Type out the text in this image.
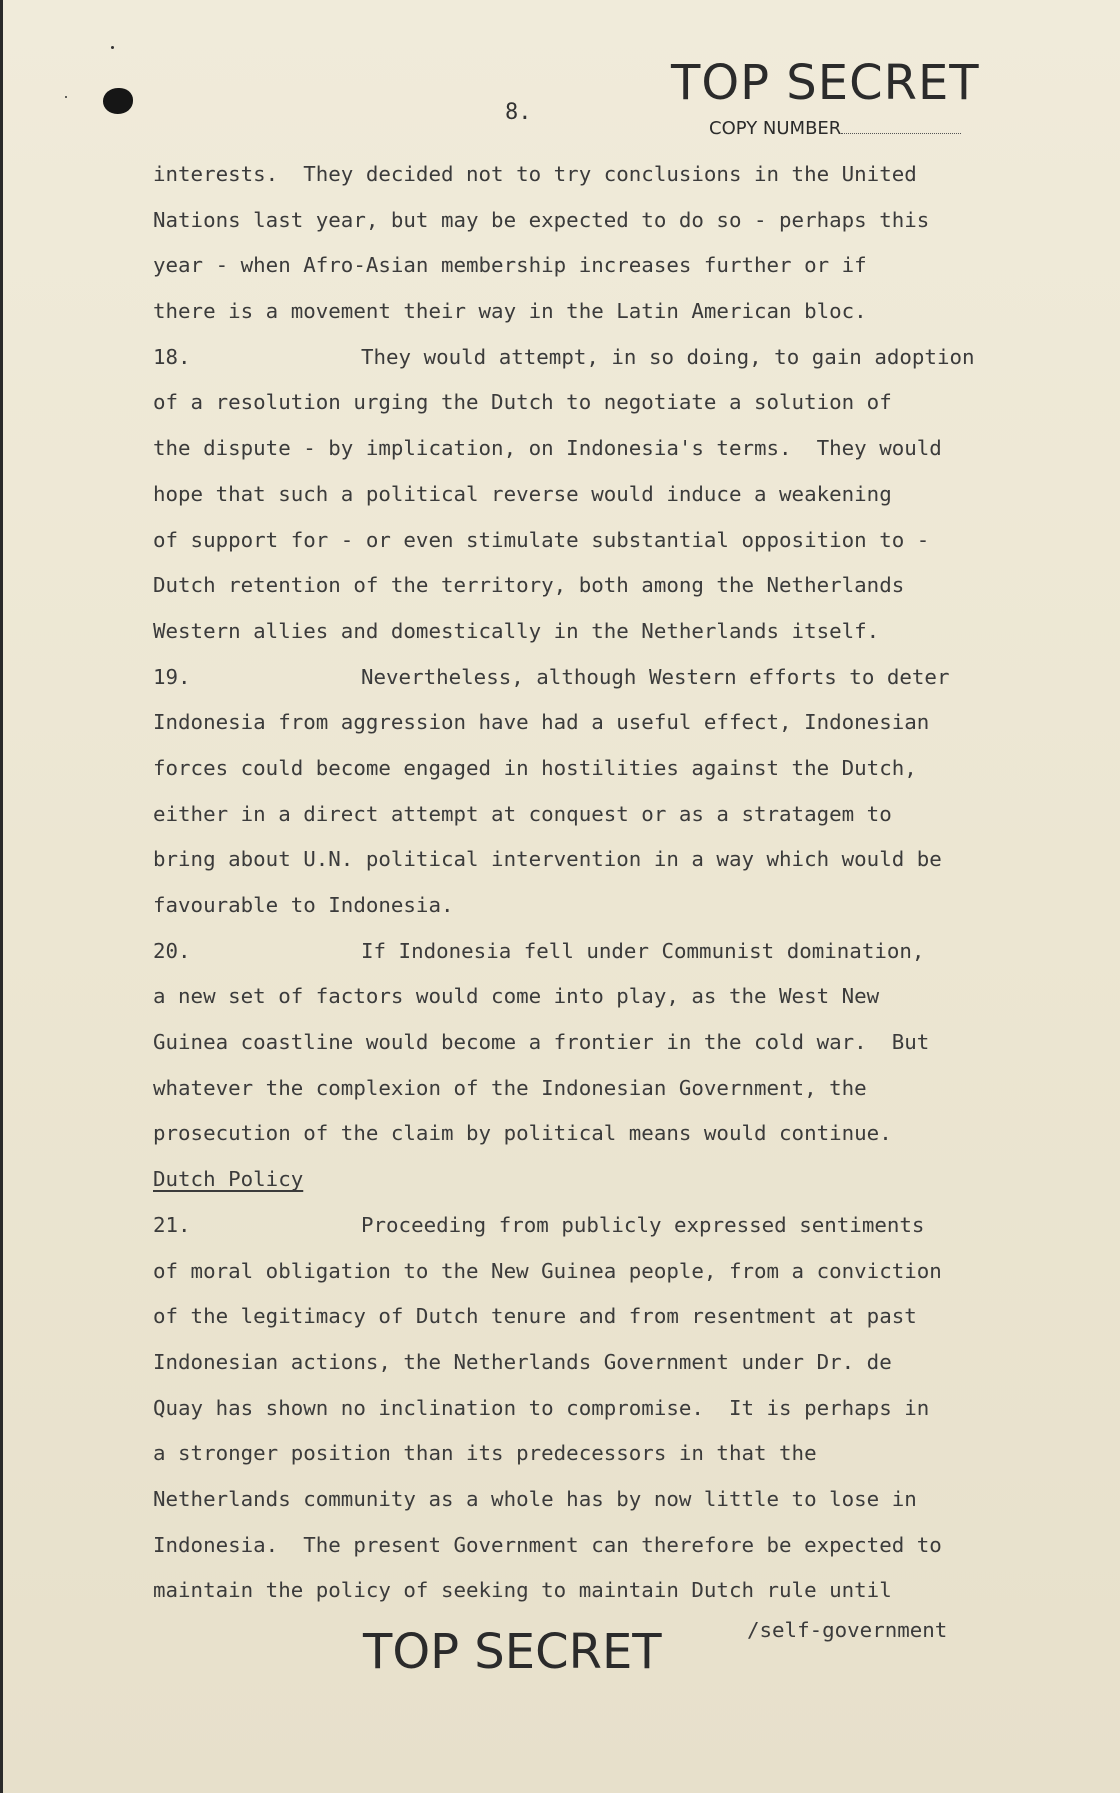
TOP SECRET
8.
COPY NUMBER
interests.  They decided not to try conclusions in the United
Nations last year, but may be expected to do so - perhaps this
year - when Afro-Asian membership increases further or if
there is a movement their way in the Latin American bloc.
18.	They would attempt, in so doing, to gain adoption
of a resolution urging the Dutch to negotiate a solution of
the dispute - by implication, on Indonesia's terms.  They would
hope that such a political reverse would induce a weakening
of support for - or even stimulate substantial opposition to -
Dutch retention of the territory, both among the Netherlands
Western allies and domestically in the Netherlands itself.
19.	Nevertheless, although Western efforts to deter
Indonesia from aggression have had a useful effect, Indonesian
forces could become engaged in hostilities against the Dutch,
either in a direct attempt at conquest or as a stratagem to
bring about U.N. political intervention in a way which would be
favourable to Indonesia.
20.	If Indonesia fell under Communist domination,
a new set of factors would come into play, as the West New
Guinea coastline would become a frontier in the cold war.  But
whatever the complexion of the Indonesian Government, the
prosecution of the claim by political means would continue.
Dutch Policy
21.	Proceeding from publicly expressed sentiments
of moral obligation to the New Guinea people, from a conviction
of the legitimacy of Dutch tenure and from resentment at past
Indonesian actions, the Netherlands Government under Dr. de
Quay has shown no inclination to compromise.  It is perhaps in
a stronger position than its predecessors in that the
Netherlands community as a whole has by now little to lose in
Indonesia.  The present Government can therefore be expected to
maintain the policy of seeking to maintain Dutch rule until
/self-government
TOP SECRET
